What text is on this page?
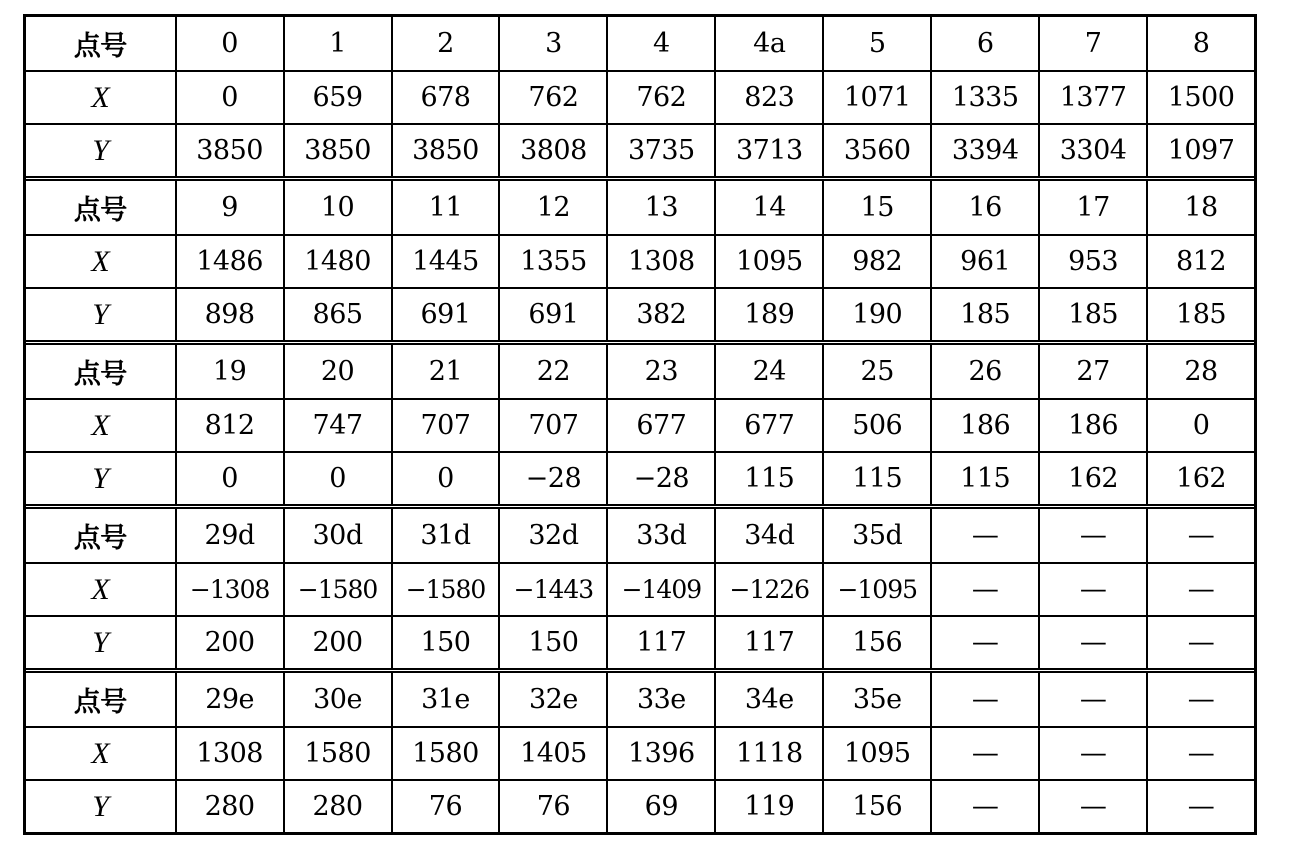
点号	0	1	2	3	4	4a	5	6	7	8
X	0	659	678	762	762	823	1071	1335	1377	1500
Y	3850	3850	3850	3808	3735	3713	3560	3394	3304	1097
点号	9	10	11	12	13	14	15	16	17	18
X	1486	1480	1445	1355	1308	1095	982	961	953	812
Y	898	865	691	691	382	189	190	185	185	185
点号	19	20	21	22	23	24	25	26	27	28
X	812	747	707	707	677	677	506	186	186	0
Y	0	0	0	−28	−28	115	115	115	162	162
点号	29d	30d	31d	32d	33d	34d	35d	—	—	—
X	−1308	−1580	−1580	−1443	−1409	−1226	−1095	—	—	—
Y	200	200	150	150	117	117	156	—	—	—
点号	29e	30e	31e	32e	33e	34e	35e	—	—	—
X	1308	1580	1580	1405	1396	1118	1095	—	—	—
Y	280	280	76	76	69	119	156	—	—	—
